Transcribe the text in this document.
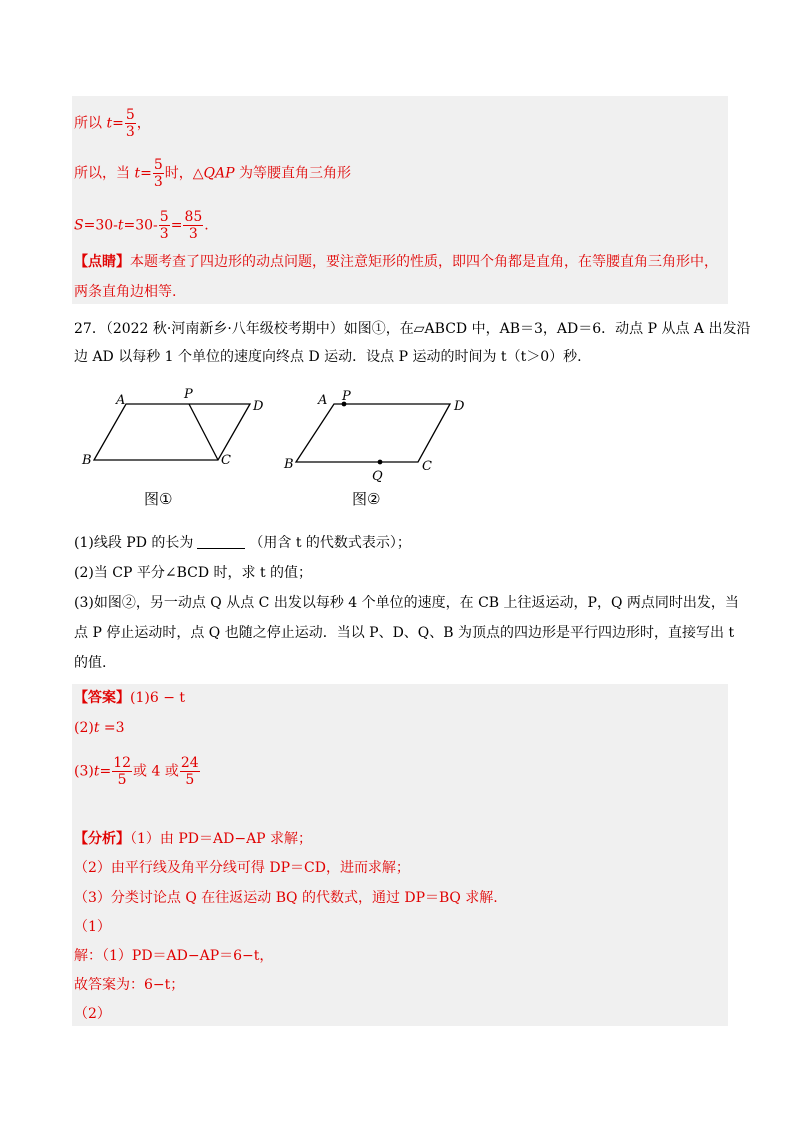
所以 $t= \frac{5}{3}$ ，
所以，当 $t= \frac{5}{3}$ 时，△QAP 为等腰直角三角形
$S=30-t=30- \frac{5}{3} = \frac{85}{3}$ .
【点睛】本题考查了四边形的动点问题，要注意矩形的性质，即四个角都是直角，在等腰直角三角形中，
两条直角边相等.
27．（2022 秋·河南新乡·八年级校考期中）如图①，在▱ABCD 中，AB＝3，AD＝6．动点 P 从点 A 出发沿
边 AD 以每秒 1 个单位的速度向终点 D 运动．设点 P 运动的时间为 t（t＞0）秒.
A	P
D
B	C
图①
A P
D
B
Q
C
图②
(1)线段 PD 的长为	（用含 t 的代数式表示）；
(2)当 CP 平分∠BCD 时，求 t 的值；
(3)如图②，另一动点 Q 从点 C 出发以每秒 4 个单位的速度，在 CB 上往返运动，P，Q 两点同时出发，当
点 P 停止运动时，点 Q 也随之停止运动．当以 P、D、Q、B 为顶点的四边形是平行四边形时，直接写出 t
的值.
【答案】(1)6 − t
(2)t =3
$(3)t= \frac{12}{5}$ 或 4 或 $\frac{24}{5}$
【分析】（1）由 PD＝AD−AP 求解；
（2）由平行线及角平分线可得 DP＝CD，进而求解；
（3）分类讨论点 Q 在往返运动 BQ 的代数式，通过 DP＝BQ 求解.
（1）
解：（1）PD＝AD−AP＝6−t，
故答案为：6−t；
（2）
